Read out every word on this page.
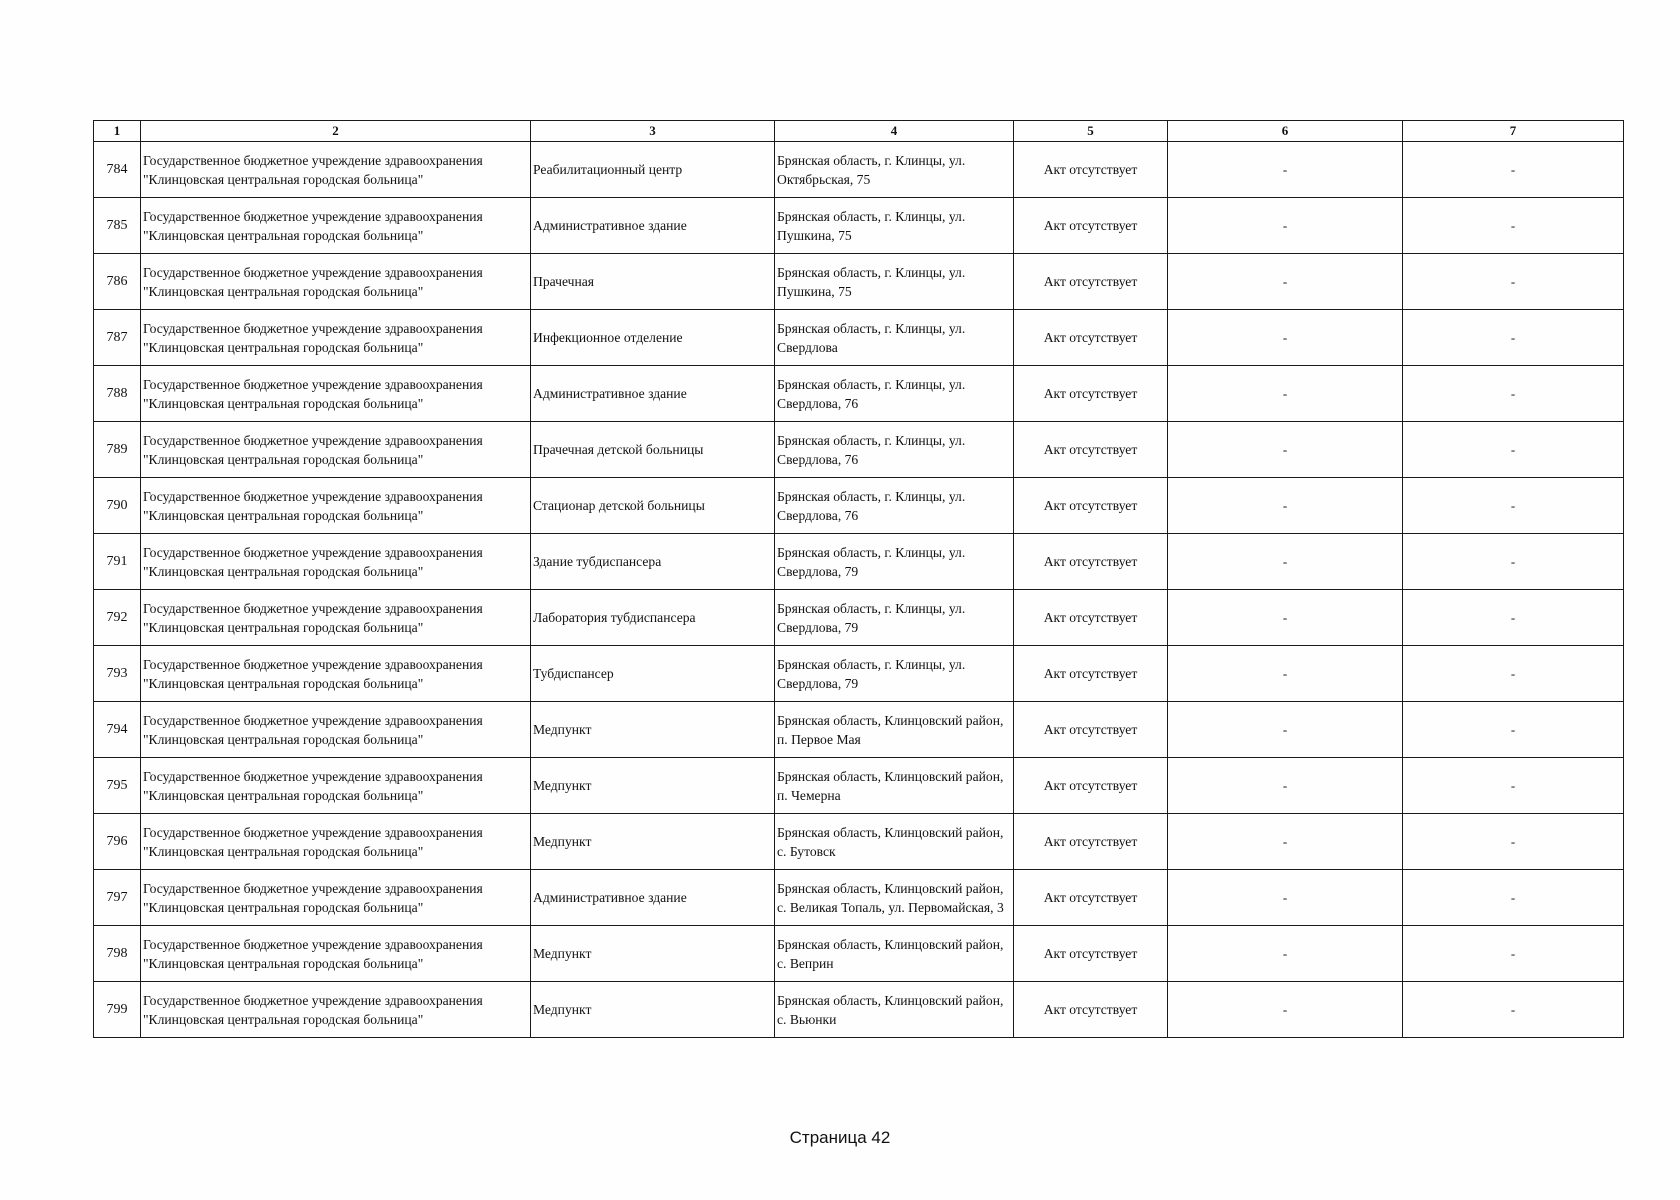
1	2	3	4	5	6	7
784	Государственное бюджетное учреждение здравоохранения "Клинцовская центральная городская больница"	Реабилитационный центр	Брянская область, г. Клинцы, ул. Октябрьская, 75	Акт отсутствует	-	-
785	Государственное бюджетное учреждение здравоохранения "Клинцовская центральная городская больница"	Административное здание	Брянская область, г. Клинцы, ул. Пушкина, 75	Акт отсутствует	-	-
786	Государственное бюджетное учреждение здравоохранения "Клинцовская центральная городская больница"	Прачечная	Брянская область, г. Клинцы, ул. Пушкина, 75	Акт отсутствует	-	-
787	Государственное бюджетное учреждение здравоохранения "Клинцовская центральная городская больница"	Инфекционное отделение	Брянская область, г. Клинцы, ул. Свердлова	Акт отсутствует	-	-
788	Государственное бюджетное учреждение здравоохранения "Клинцовская центральная городская больница"	Административное здание	Брянская область, г. Клинцы, ул. Свердлова, 76	Акт отсутствует	-	-
789	Государственное бюджетное учреждение здравоохранения "Клинцовская центральная городская больница"	Прачечная детской больницы	Брянская область, г. Клинцы, ул. Свердлова, 76	Акт отсутствует	-	-
790	Государственное бюджетное учреждение здравоохранения "Клинцовская центральная городская больница"	Стационар детской больницы	Брянская область, г. Клинцы, ул. Свердлова, 76	Акт отсутствует	-	-
791	Государственное бюджетное учреждение здравоохранения "Клинцовская центральная городская больница"	Здание тубдиспансера	Брянская область, г. Клинцы, ул. Свердлова, 79	Акт отсутствует	-	-
792	Государственное бюджетное учреждение здравоохранения "Клинцовская центральная городская больница"	Лаборатория тубдиспансера	Брянская область, г. Клинцы, ул. Свердлова, 79	Акт отсутствует	-	-
793	Государственное бюджетное учреждение здравоохранения "Клинцовская центральная городская больница"	Тубдиспансер	Брянская область, г. Клинцы, ул. Свердлова, 79	Акт отсутствует	-	-
794	Государственное бюджетное учреждение здравоохранения "Клинцовская центральная городская больница"	Медпункт	Брянская область, Клинцовский район, п. Первое Мая	Акт отсутствует	-	-
795	Государственное бюджетное учреждение здравоохранения "Клинцовская центральная городская больница"	Медпункт	Брянская область, Клинцовский район, п. Чемерна	Акт отсутствует	-	-
796	Государственное бюджетное учреждение здравоохранения "Клинцовская центральная городская больница"	Медпункт	Брянская область, Клинцовский район, с. Бутовск	Акт отсутствует	-	-
797	Государственное бюджетное учреждение здравоохранения "Клинцовская центральная городская больница"	Административное здание	Брянская область, Клинцовский район, с. Великая Топаль, ул. Первомайская, 3	Акт отсутствует	-	-
798	Государственное бюджетное учреждение здравоохранения "Клинцовская центральная городская больница"	Медпункт	Брянская область, Клинцовский район, с. Веприн	Акт отсутствует	-	-
799	Государственное бюджетное учреждение здравоохранения "Клинцовская центральная городская больница"	Медпункт	Брянская область, Клинцовский район, с. Вьюнки	Акт отсутствует	-	-
Страница 42
